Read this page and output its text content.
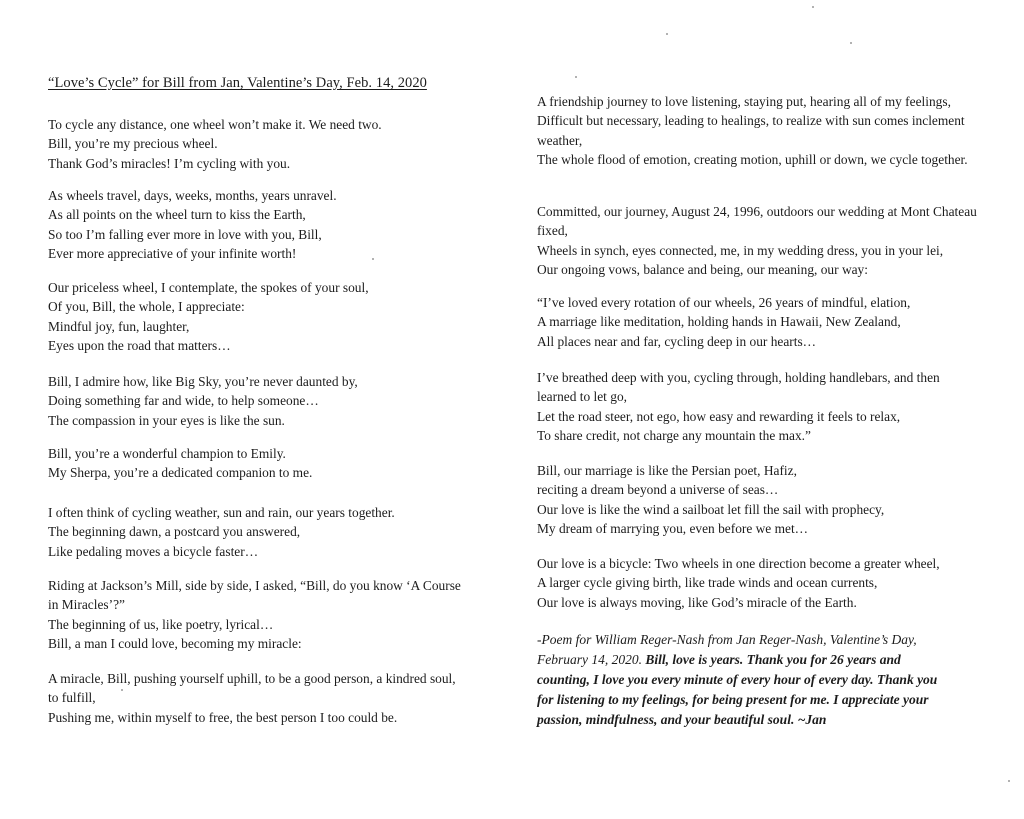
“Love’s Cycle” for Bill from Jan, Valentine’s Day, Feb. 14, 2020

To cycle any distance, one wheel won’t make it. We need two.
Bill, you’re my precious wheel.
Thank God’s miracles! I’m cycling with you.

As wheels travel, days, weeks, months, years unravel.
As all points on the wheel turn to kiss the Earth,
So too I’m falling ever more in love with you, Bill,
Ever more appreciative of your infinite worth!

Our priceless wheel, I contemplate, the spokes of your soul,
Of you, Bill, the whole, I appreciate:
Mindful joy, fun, laughter,
Eyes upon the road that matters…

Bill, I admire how, like Big Sky, you’re never daunted by,
Doing something far and wide, to help someone…
The compassion in your eyes is like the sun.

Bill, you’re a wonderful champion to Emily.
My Sherpa, you’re a dedicated companion to me.

I often think of cycling weather, sun and rain, our years together.
The beginning dawn, a postcard you answered,
Like pedaling moves a bicycle faster…

Riding at Jackson’s Mill, side by side, I asked, “Bill, do you know ‘A Course
in Miracles’?”
The beginning of us, like poetry, lyrical…
Bill, a man I could love, becoming my miracle:

A miracle, Bill, pushing yourself uphill, to be a good person, a kindred soul,
to fulfill,
Pushing me, within myself to free, the best person I too could be.

A friendship journey to love listening, staying put, hearing all of my feelings,
Difficult but necessary, leading to healings, to realize with sun comes inclement weather,
The whole flood of emotion, creating motion, uphill or down, we cycle together.

Committed, our journey, August 24, 1996, outdoors our wedding at Mont Chateau fixed,
Wheels in synch, eyes connected, me, in my wedding dress, you in your lei,
Our ongoing vows, balance and being, our meaning, our way:

“I’ve loved every rotation of our wheels, 26 years of mindful, elation,
A marriage like meditation, holding hands in Hawaii, New Zealand,
All places near and far, cycling deep in our hearts…

I’ve breathed deep with you, cycling through, holding handlebars, and then learned to let go,
Let the road steer, not ego, how easy and rewarding it feels to relax,
To share credit, not charge any mountain the max.”

Bill, our marriage is like the Persian poet, Hafiz,
reciting a dream beyond a universe of seas…
Our love is like the wind a sailboat let fill the sail with prophecy,
My dream of marrying you, even before we met…

Our love is a bicycle: Two wheels in one direction become a greater wheel,
A larger cycle giving birth, like trade winds and ocean currents,
Our love is always moving, like God’s miracle of the Earth.

-Poem for William Reger-Nash from Jan Reger-Nash, Valentine’s Day,
February 14, 2020. Bill, love is years. Thank you for 26 years and
counting, I love you every minute of every hour of every day. Thank you
for listening to my feelings, for being present for me. I appreciate your
passion, mindfulness, and your beautiful soul. ~Jan
